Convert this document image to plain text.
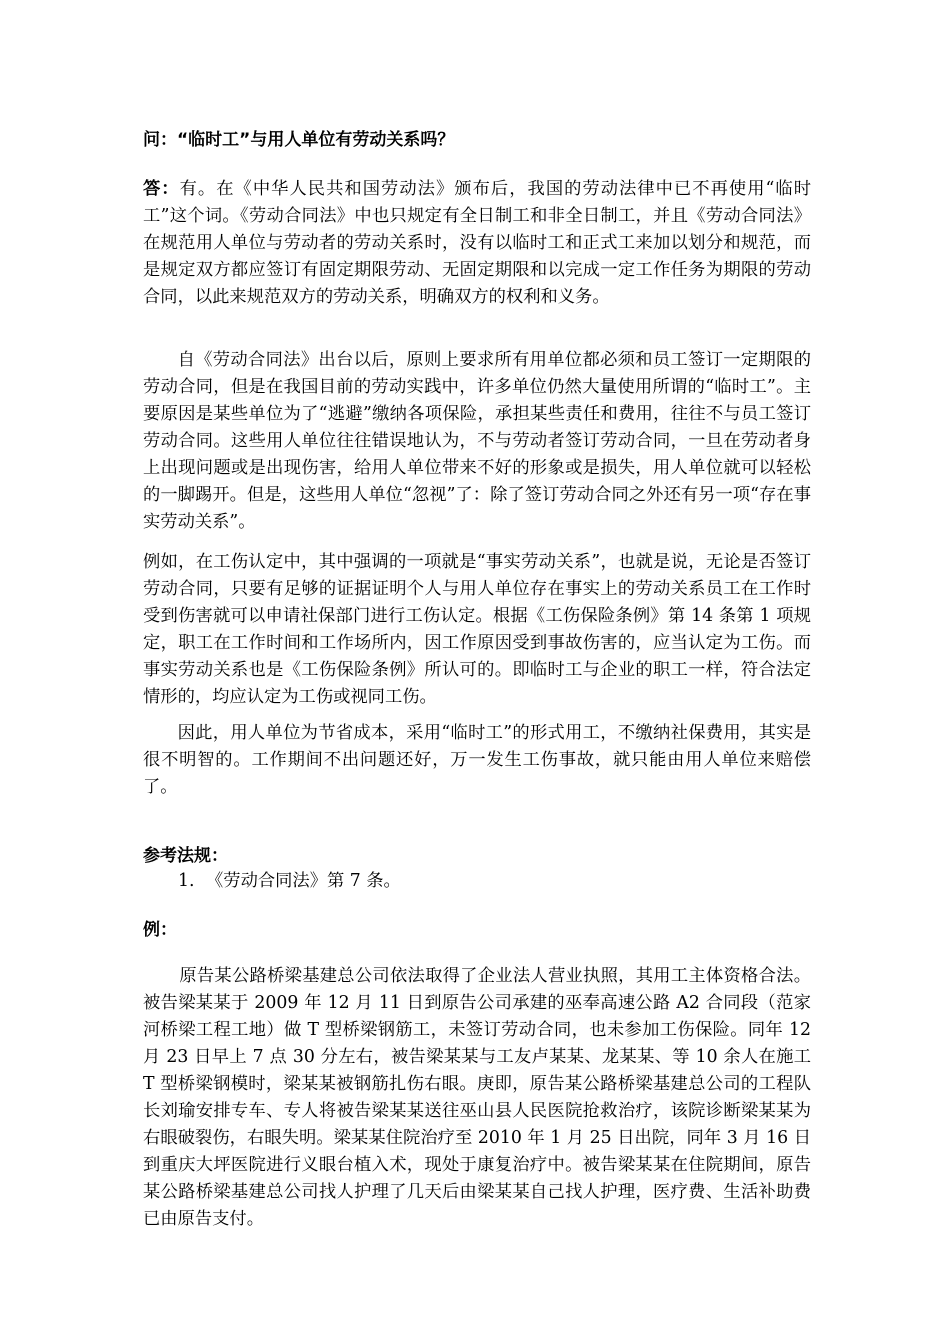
问：“临时工”与用人单位有劳动关系吗？
答：有。在《中华人民共和国劳动法》颁布后，我国的劳动法律中已不再使用“临时工”这个词。《劳动合同法》中也只规定有全日制工和非全日制工，并且《劳动合同法》在规范用人单位与劳动者的劳动关系时，没有以临时工和正式工来加以划分和规范，而是规定双方都应签订有固定期限劳动、无固定期限和以完成一定工作任务为期限的劳动合同，以此来规范双方的劳动关系，明确双方的权利和义务。
自《劳动合同法》出台以后，原则上要求所有用单位都必须和员工签订一定期限的劳动合同，但是在我国目前的劳动实践中，许多单位仍然大量使用所谓的“临时工”。主要原因是某些单位为了“逃避”缴纳各项保险，承担某些责任和费用，往往不与员工签订劳动合同。这些用人单位往往错误地认为，不与劳动者签订劳动合同，一旦在劳动者身上出现问题或是出现伤害，给用人单位带来不好的形象或是损失，用人单位就可以轻松的一脚踢开。但是，这些用人单位“忽视”了：除了签订劳动合同之外还有另一项“存在事实劳动关系”。
例如，在工伤认定中，其中强调的一项就是“事实劳动关系”，也就是说，无论是否签订劳动合同，只要有足够的证据证明个人与用人单位存在事实上的劳动关系员工在工作时受到伤害就可以申请社保部门进行工伤认定。根据《工伤保险条例》第 14 条第 1 项规定，职工在工作时间和工作场所内，因工作原因受到事故伤害的，应当认定为工伤。而事实劳动关系也是《工伤保险条例》所认可的。即临时工与企业的职工一样，符合法定情形的，均应认定为工伤或视同工伤。
因此，用人单位为节省成本，采用“临时工”的形式用工，不缴纳社保费用，其实是很不明智的。工作期间不出问题还好，万一发生工伤事故，就只能由用人单位来赔偿了。
参考法规：
1. 《劳动合同法》第 7 条。
例：
原告某公路桥梁基建总公司依法取得了企业法人营业执照，其用工主体资格合法。被告梁某某于 2009 年 12 月 11 日到原告公司承建的巫奉高速公路 A2 合同段（范家河桥梁工程工地）做 T 型桥梁钢筋工，未签订劳动合同，也未参加工伤保险。同年 12 月 23 日早上 7 点 30 分左右，被告梁某某与工友卢某某、龙某某、等 10 余人在施工 T 型桥梁钢模时，梁某某被钢筋扎伤右眼。庚即，原告某公路桥梁基建总公司的工程队长刘瑜安排专车、专人将被告梁某某送往巫山县人民医院抢救治疗，该院诊断梁某某为右眼破裂伤，右眼失明。梁某某住院治疗至 2010 年 1 月 25 日出院，同年 3 月 16 日到重庆大坪医院进行义眼台植入术，现处于康复治疗中。被告梁某某在住院期间，原告某公路桥梁基建总公司找人护理了几天后由梁某某自己找人护理，医疗费、生活补助费已由原告支付。
